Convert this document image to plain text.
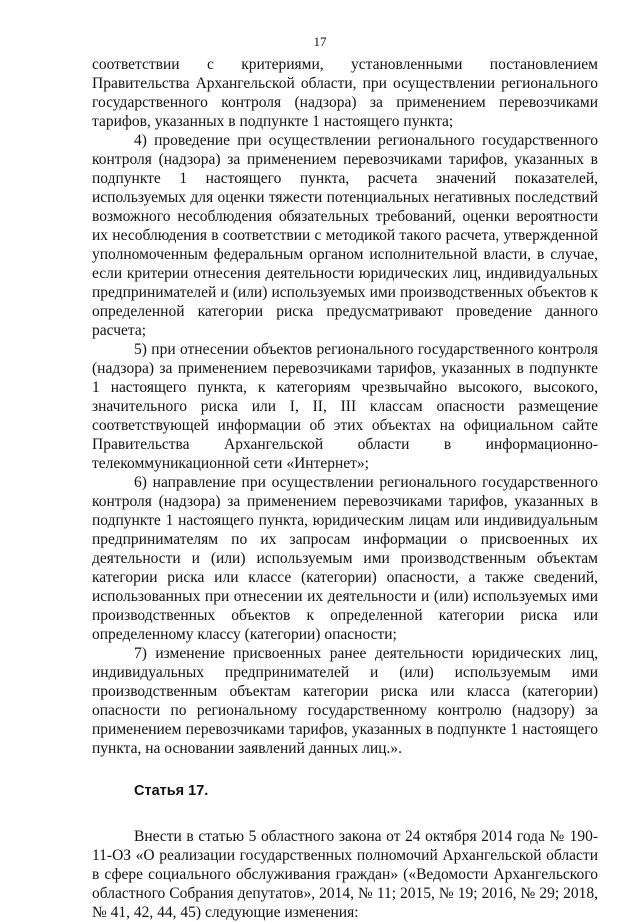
17

соответствии с критериями, установленными постановлением Правительства Архангельской области, при осуществлении регионального государственного контроля (надзора) за применением перевозчиками тарифов, указанных в подпункте 1 настоящего пункта;

4) проведение при осуществлении регионального государственного контроля (надзора) за применением перевозчиками тарифов, указанных в подпункте 1 настоящего пункта, расчета значений показателей, используемых для оценки тяжести потенциальных негативных последствий возможного несоблюдения обязательных требований, оценки вероятности их несоблюдения в соответствии с методикой такого расчета, утвержденной уполномоченным федеральным органом исполнительной власти, в случае, если критерии отнесения деятельности юридических лиц, индивидуальных предпринимателей и (или) используемых ими производственных объектов к определенной категории риска предусматривают проведение данного расчета;

5) при отнесении объектов регионального государственного контроля (надзора) за применением перевозчиками тарифов, указанных в подпункте 1 настоящего пункта, к категориям чрезвычайно высокого, высокого, значительного риска или I, II, III классам опасности размещение соответствующей информации об этих объектах на официальном сайте Правительства Архангельской области в информационно-телекоммуникационной сети «Интернет»;

6) направление при осуществлении регионального государственного контроля (надзора) за применением перевозчиками тарифов, указанных в подпункте 1 настоящего пункта, юридическим лицам или индивидуальным предпринимателям по их запросам информации о присвоенных их деятельности и (или) используемым ими производственным объектам категории риска или классе (категории) опасности, а также сведений, использованных при отнесении их деятельности и (или) используемых ими производственных объектов к определенной категории риска или определенному классу (категории) опасности;

7) изменение присвоенных ранее деятельности юридических лиц, индивидуальных предпринимателей и (или) используемым ими производственным объектам категории риска или класса (категории) опасности по региональному государственному контролю (надзору) за применением перевозчиками тарифов, указанных в подпункте 1 настоящего пункта, на основании заявлений данных лиц.».

Статья 17.

Внести в статью 5 областного закона от 24 октября 2014 года № 190-11-ОЗ «О реализации государственных полномочий Архангельской области в сфере социального обслуживания граждан» («Ведомости Архангельского областного Собрания депутатов», 2014, № 11; 2015, № 19; 2016, № 29; 2018, № 41, 42, 44, 45) следующие изменения:
